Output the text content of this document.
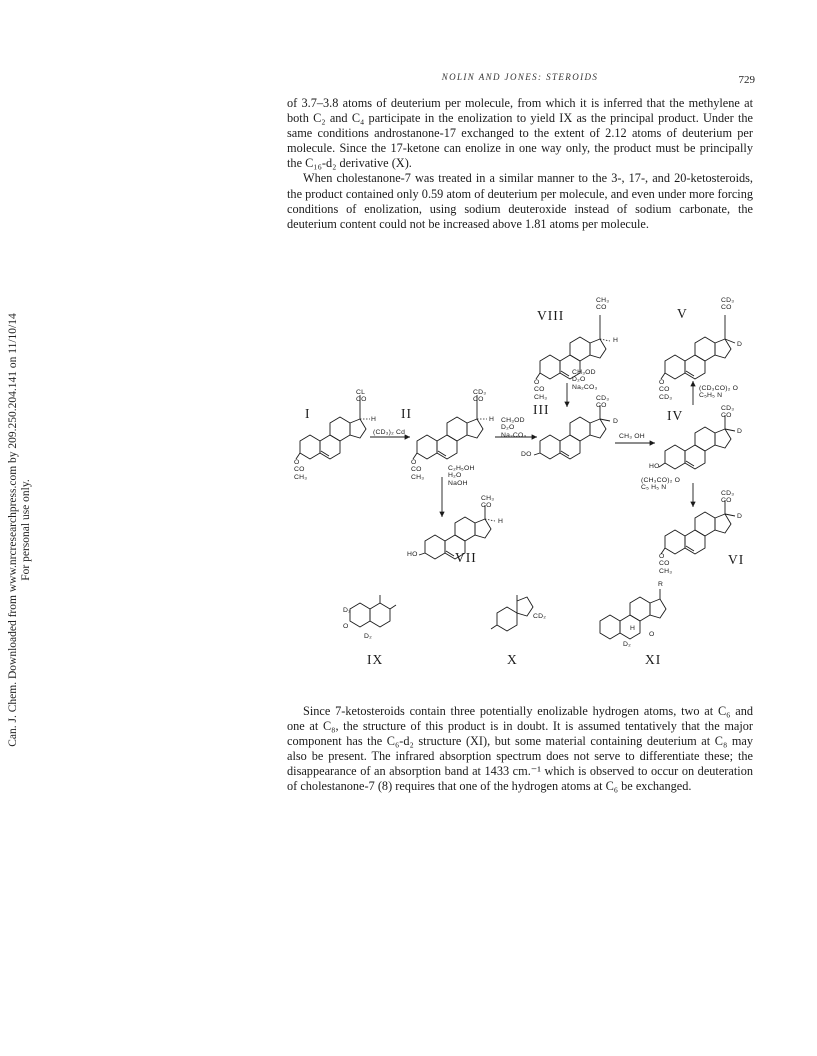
Can. J. Chem. Downloaded from www.nrcresearchpress.com by 209.250.204.141 on 11/10/14 For personal use only.
NOLIN AND JONES: STEROIDS	729

of 3.7–3.8 atoms of deuterium per molecule, from which it is inferred that the methylene at both C₂ and C₄ participate in the enolization to yield IX as the principal product. Under the same conditions androstanone-17 exchanged to the extent of 2.12 atoms of deuterium per molecule. Since the 17-ketone can enolize in one way only, the product must be principally the C₁₆-d₂ derivative (X).

When cholestanone-7 was treated in a similar manner to the 3-, 17-, and 20-ketosteroids, the product contained only 0.59 atom of deuterium per molecule, and even under more forcing conditions of enolization, using sodium deuteroxide instead of sodium carbonate, the deuterium content could not be increased above 1.81 atoms per molecule.

I	II	III	IV
V
VI
VII
VIII
IX	X	XI
CL
CO
H
O
CO
CH₃
CD₃
CO
H
O
CO
CH₃
CH₃
CO
H
O
CO
CH₃
CD₃
CO
D
O
CO
CD₃
CD₃
CO
D
DO
CD₃
CO
D
HO
CH₃
CO
H
HO
CD₃
CO
D
O
CO
CH₃
D₂
O
D₂
CD₂
R
H
O
D₂
(CD₃)₂ Cd
CH₃OD
D₂O
Na₂CO₃
C₂H₅OH
H₂O
NaOH
CH₃OD
D₂O
Na₂CO₃
CH₃ OH
(CD₃CO)₂ O
C₅H₅ N
(CH₃CO)₂ O
C₅ H₅ N

Since 7-ketosteroids contain three potentially enolizable hydrogen atoms, two at C₆ and one at C₈, the structure of this product is in doubt. It is assumed tentatively that the major component has the C₆-d₂ structure (XI), but some material containing deuterium at C₈ may also be present. The infrared absorption spectrum does not serve to differentiate these; the disappearance of an absorption band at 1433 cm.⁻¹ which is observed to occur on deuteration of cholestanone-7 (8) requires that one of the hydrogen atoms at C₆ be exchanged.
